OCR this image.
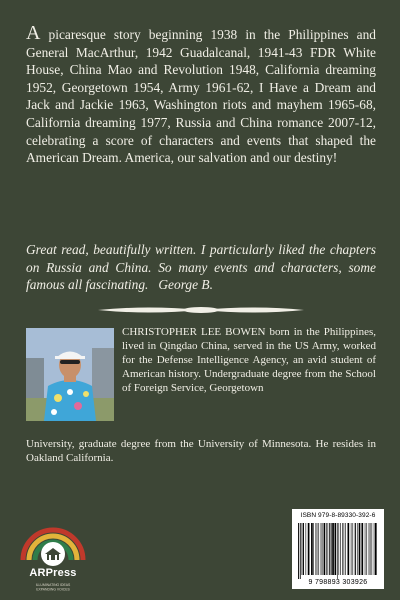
A picaresque story beginning 1938 in the Philippines and General MacArthur, 1942 Guadalcanal, 1941-43 FDR White House, China Mao and Revolution 1948, California dreaming 1952, Georgetown 1954, Army 1961-62, I Have a Dream and Jack and Jackie 1963, Washington riots and mayhem 1965-68, California dreaming 1977, Russia and China romance 2007-12, celebrating a score of characters and events that shaped the American Dream. America, our salvation and our destiny!

Great read, beautifully written. I particularly liked the chapters on Russia and China. So many events and characters, some famous all fascinating. George B.

CHRISTOPHER LEE BOWEN born in the Philippines, lived in Qingdao China, served in the US Army, worked for the Defense Intelligence Agency, an avid student of American history. Undergraduate degree from the School of Foreign Service, Georgetown

University, graduate degree from the University of Minnesota. He resides in Oakland California.

ILLUMINATING IDEAS
EXPANDING VOICES
ARPress
ISBN 979-8-89330-392-6
9 798893 303926
